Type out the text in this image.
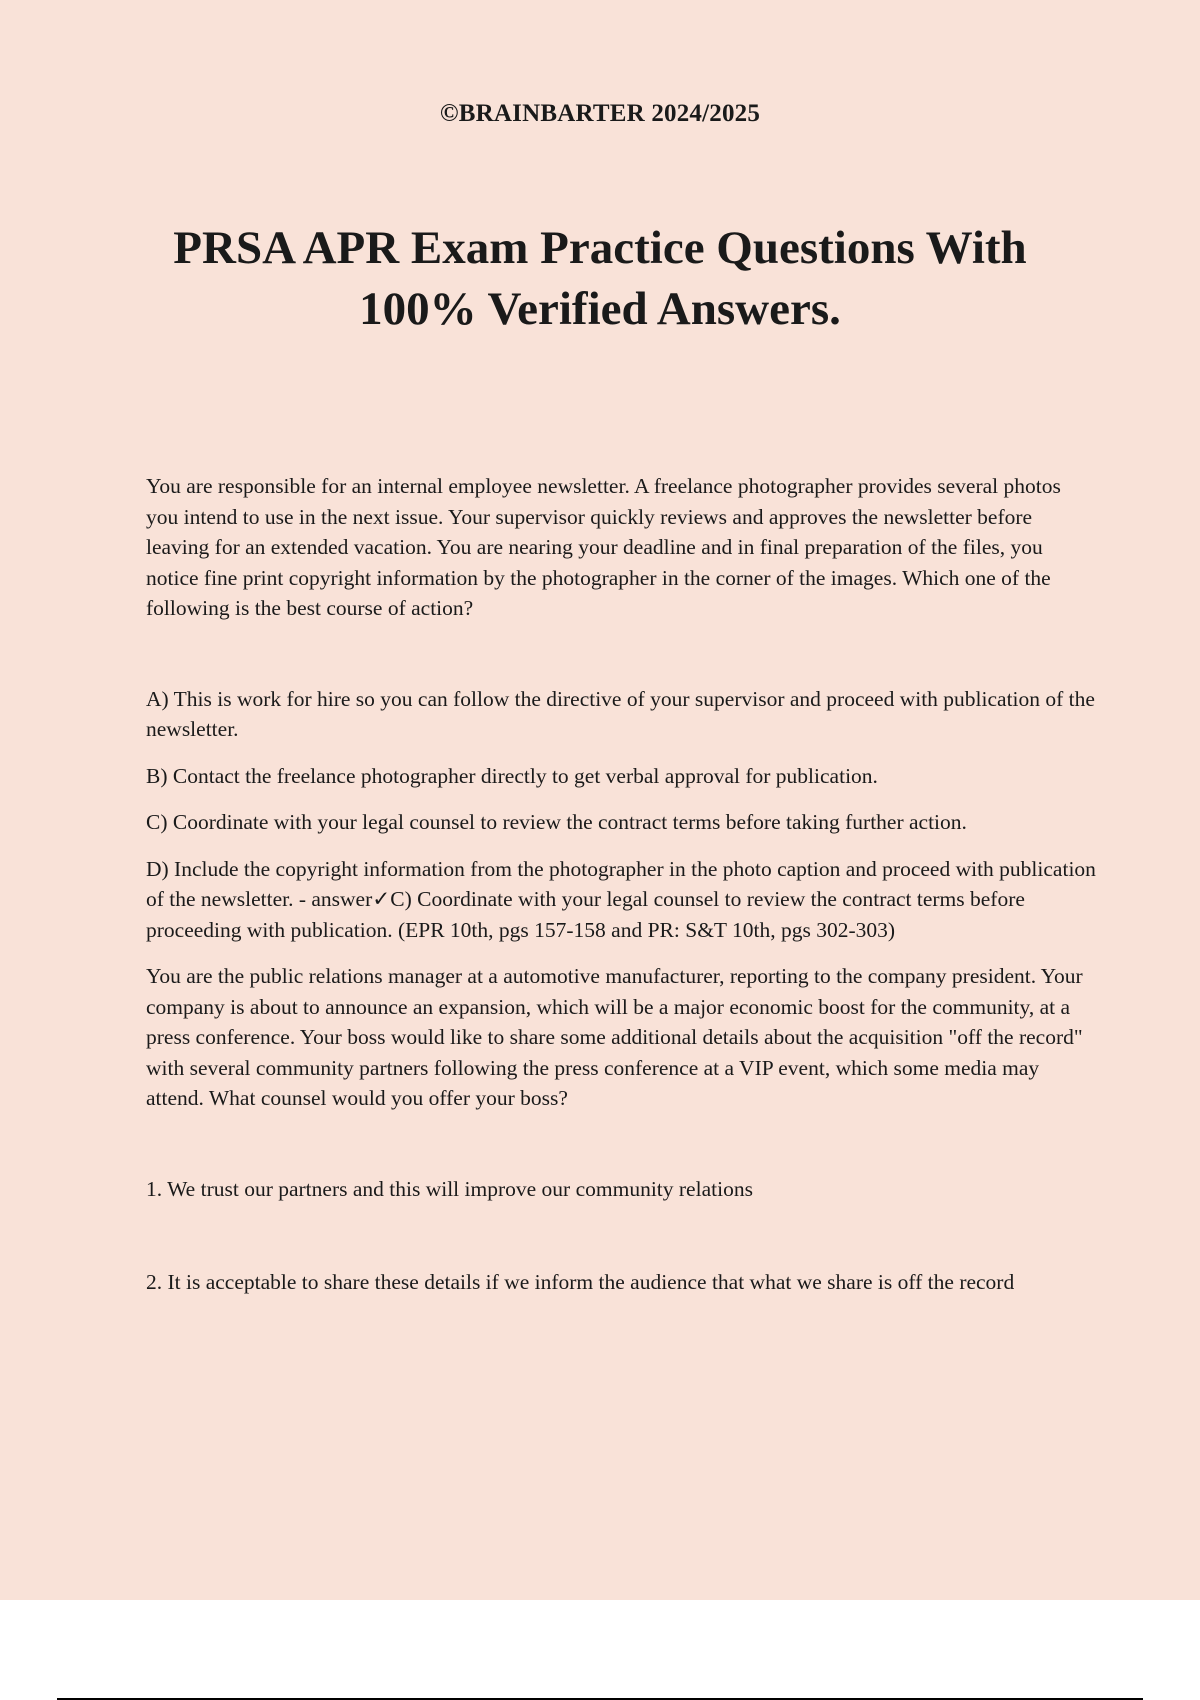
©BRAINBARTER 2024/2025
PRSA APR Exam Practice Questions With
100% Verified Answers.

You are responsible for an internal employee newsletter. A freelance photographer provides several photos you intend to use in the next issue. Your supervisor quickly reviews and approves the newsletter before leaving for an extended vacation. You are nearing your deadline and in final preparation of the files, you notice fine print copyright information by the photographer in the corner of the images. Which one of the following is the best course of action?

A) This is work for hire so you can follow the directive of your supervisor and proceed with publication of the newsletter.

B) Contact the freelance photographer directly to get verbal approval for publication.

C) Coordinate with your legal counsel to review the contract terms before taking further action.

D) Include the copyright information from the photographer in the photo caption and proceed with publication of the newsletter. - answer✓C) Coordinate with your legal counsel to review the contract terms before proceeding with publication. (EPR 10th, pgs 157-158 and PR: S&T 10th, pgs 302-303)

You are the public relations manager at a automotive manufacturer, reporting to the company president. Your company is about to announce an expansion, which will be a major economic boost for the community, at a press conference. Your boss would like to share some additional details about the acquisition "off the record" with several community partners following the press conference at a VIP event, which some media may attend. What counsel would you offer your boss?

1. We trust our partners and this will improve our community relations

2. It is acceptable to share these details if we inform the audience that what we share is off the record
